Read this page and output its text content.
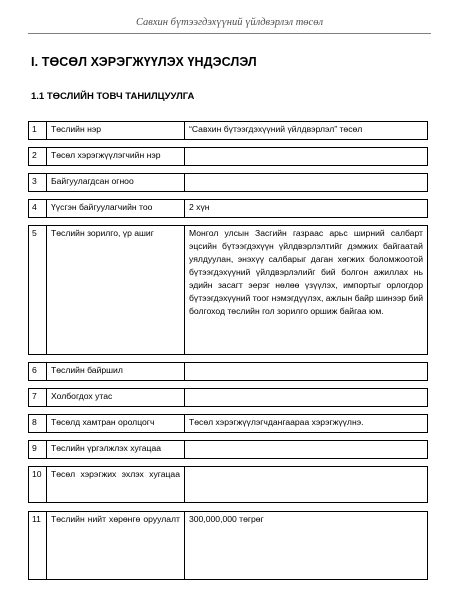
Савхин бүтээгдэхүүний үйлдвэрлэл төсөл
I. ТӨСӨЛ ХЭРЭГЖҮҮЛЭХ ҮНДЭСЛЭЛ
1.1 ТӨСЛИЙН ТОВЧ ТАНИЛЦУУЛГА
1	Төслийн нэр	“Савхин бүтээгдэхүүний үйлдвэрлэл” төсөл
2	Төсөл хэрэгжүүлэгчийн нэр
3	Байгуулагдсан огноо
4	Үүсгэн байгуулагчийн тоо	2 хүн
5	Төслийн зорилго, үр ашиг	Монгол улсын Засгийн газраас арьс ширний салбарт эцсийн бүтээгдэхүүн үйлдвэрлэлтийг дэмжих байгаатай уялдуулан, энэхүү салбарыг даган хөгжих боломжоотой бүтээгдэхүүний үйлдвэрлэлийг бий болгон ажиллах нь эдийн засагт эерэг нөлөө үзүүлэх, импортыг орлогдор бүтээгдэхүүний тоог нэмэгдүүлэх, ажлын байр шинээр бий болгоход төслийн гол зорилго оршиж байгаа юм.
6	Төслийн байршил
7	Холбогдох утас
8	Төсөлд хамтран оролцогч	Төсөл хэрэгжүүлэгчдангаараа хэрэгжүүлнэ.
9	Төслийн үргэлжлэх хугацаа
10	Төсөл хэрэгжих эхлэх хугацаа
11	Төслийн нийт хөрөнгө оруулалт	300,000,000 төгрөг
